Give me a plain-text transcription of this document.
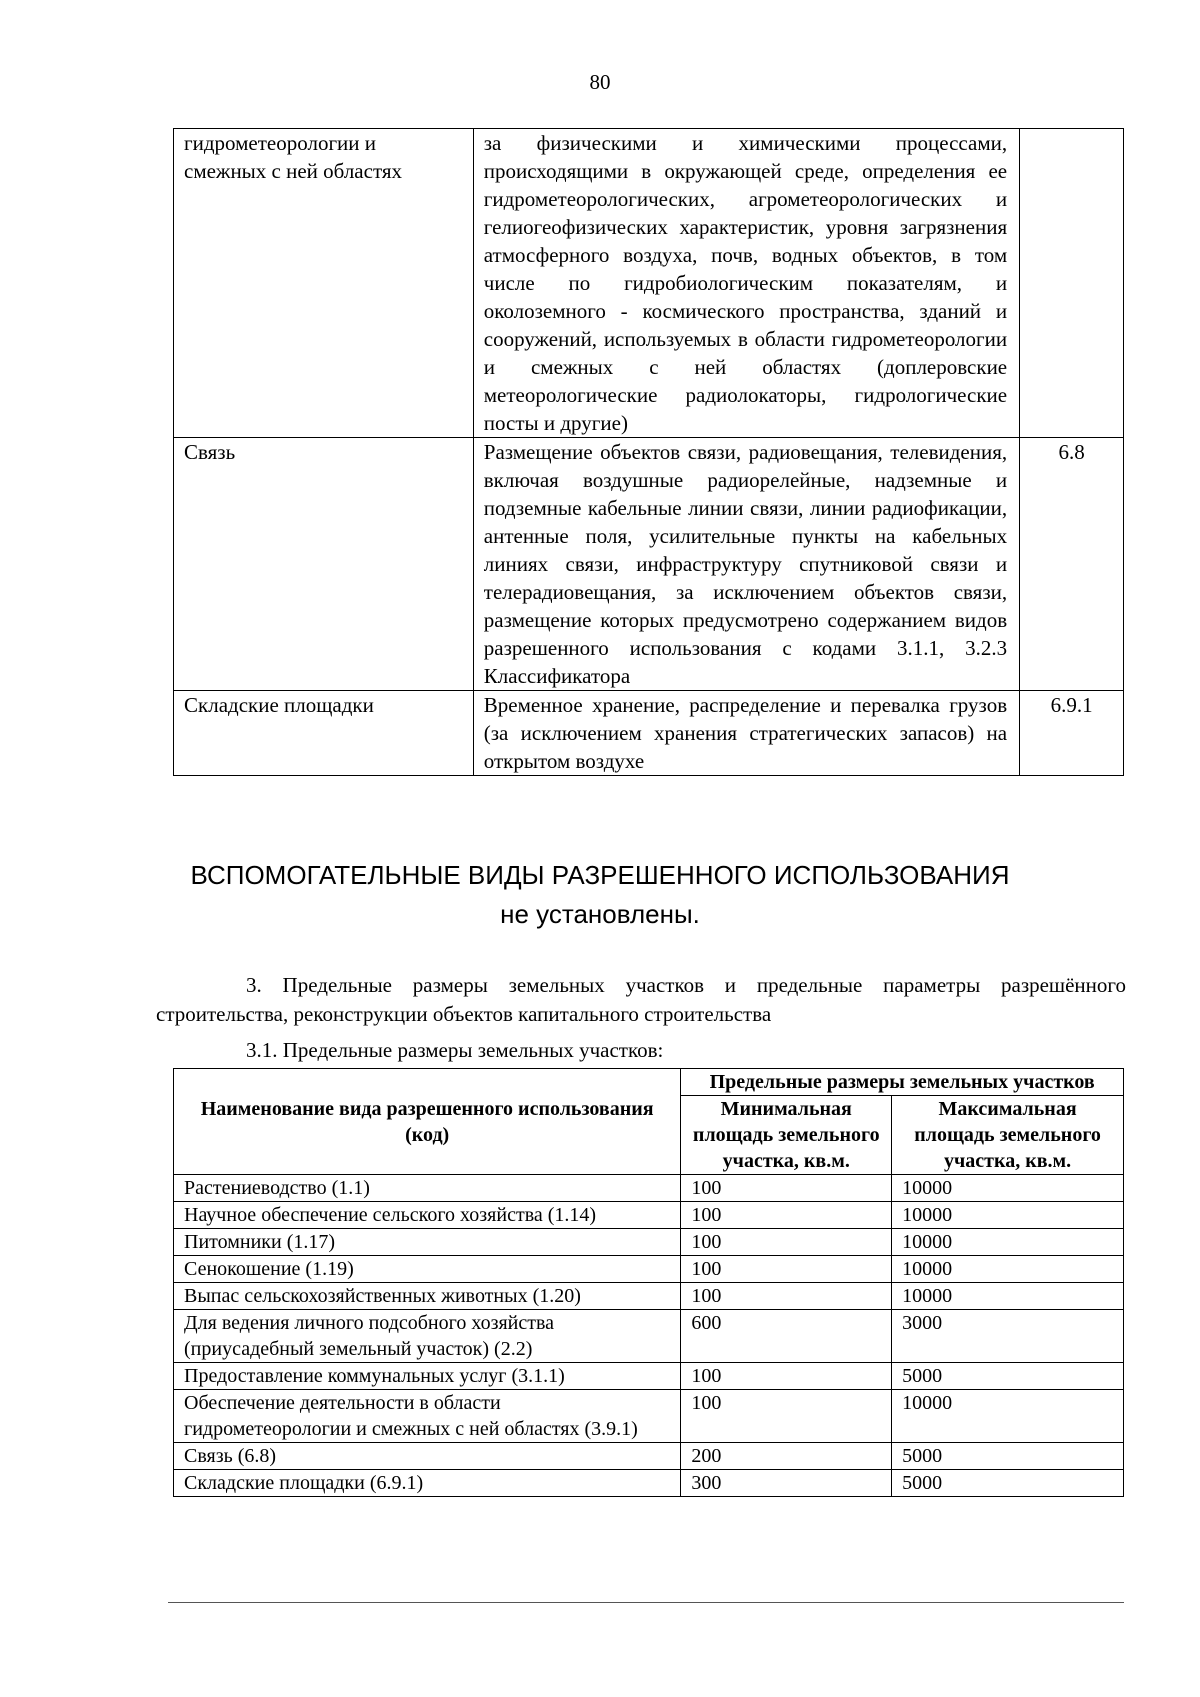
80
гидрометеорологии и смежных с ней областях	за физическими и химическими процессами, происходящими в окружающей среде, определения ее гидрометеорологических, агрометеорологических и гелиогеофизических характеристик, уровня загрязнения атмосферного воздуха, почв, водных объектов, в том числе по гидробиологическим показателям, и околоземного - космического пространства, зданий и сооружений, используемых в области гидрометеорологии и смежных с ней областях (доплеровские метеорологические радиолокаторы, гидрологические посты и другие)	
Связь	Размещение объектов связи, радиовещания, телевидения, включая воздушные радиорелейные, надземные и подземные кабельные линии связи, линии радиофикации, антенные поля, усилительные пункты на кабельных линиях связи, инфраструктуру спутниковой связи и телерадиовещания, за исключением объектов связи, размещение которых предусмотрено содержанием видов разрешенного использования с кодами 3.1.1, 3.2.3 Классификатора	6.8
Складские площадки	Временное хранение, распределение и перевалка грузов (за исключением хранения стратегических запасов) на открытом воздухе	6.9.1
ВСПОМОГАТЕЛЬНЫЕ ВИДЫ РАЗРЕШЕННОГО ИСПОЛЬЗОВАНИЯ
не установлены.
3. Предельные размеры земельных участков и предельные параметры разрешённого строительства, реконструкции объектов капитального строительства
3.1. Предельные размеры земельных участков:
Наименование вида разрешенного использования (код)	Предельные размеры земельных участков	
	Минимальная площадь земельного участка, кв.м.	Максимальная площадь земельного участка, кв.м.
Растениеводство (1.1)	100	10000
Научное обеспечение сельского хозяйства (1.14)	100	10000
Питомники (1.17)	100	10000
Сенокошение (1.19)	100	10000
Выпас сельскохозяйственных животных (1.20)	100	10000
Для ведения личного подсобного хозяйства (приусадебный земельный участок) (2.2)	600	3000
Предоставление коммунальных услуг (3.1.1)	100	5000
Обеспечение деятельности в области гидрометеорологии и смежных с ней областях (3.9.1)	100	10000
Связь (6.8)	200	5000
Складские площадки (6.9.1)	300	5000
